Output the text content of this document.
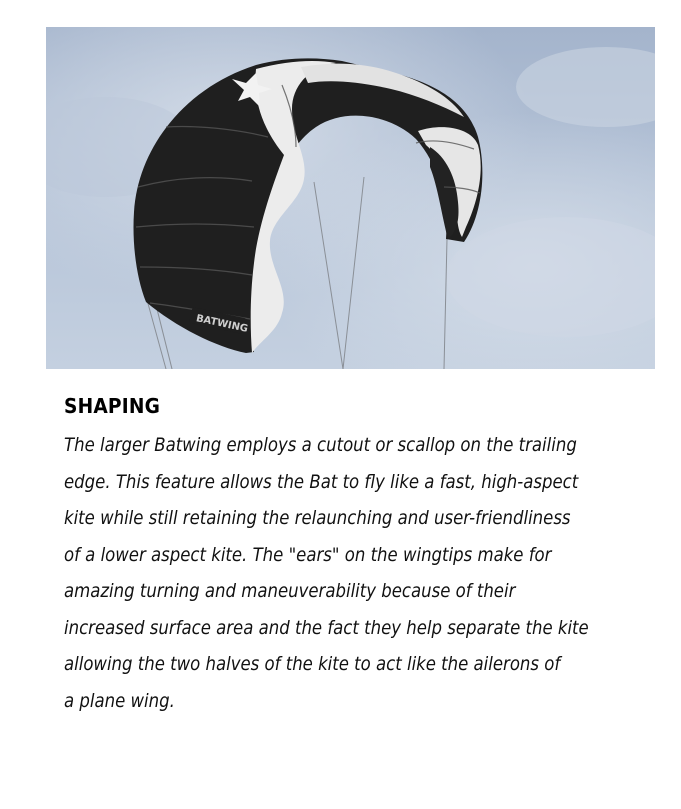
BATWING
SHAPING

The larger Batwing employs a cutout or scallop on the trailing
edge. This feature allows the Bat to fly like a fast, high-aspect
kite while still retaining the relaunching and user-friendliness
of a lower aspect kite. The "ears" on the wingtips make for
amazing turning and maneuverability because of their
increased surface area and the fact they help separate the kite
allowing the two halves of the kite to act like the ailerons of
a plane wing.
